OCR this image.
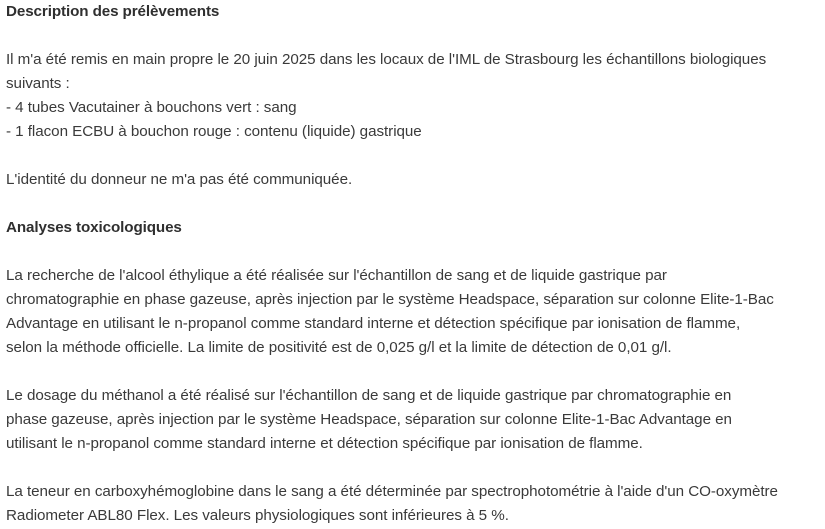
Description des prélèvements

Il m'a été remis en main propre le 20 juin 2025 dans les locaux de l'IML de Strasbourg les échantillons biologiques
suivants :
- 4 tubes Vacutainer à bouchons vert : sang
- 1 flacon ECBU à bouchon rouge : contenu (liquide) gastrique

L'identité du donneur ne m'a pas été communiquée.

Analyses toxicologiques

La recherche de l'alcool éthylique a été réalisée sur l'échantillon de sang et de liquide gastrique par
chromatographie en phase gazeuse, après injection par le système Headspace, séparation sur colonne Elite-1-Bac
Advantage en utilisant le n-propanol comme standard interne et détection spécifique par ionisation de flamme,
selon la méthode officielle. La limite de positivité est de 0,025 g/l et la limite de détection de 0,01 g/l.

Le dosage du méthanol a été réalisé sur l'échantillon de sang et de liquide gastrique par chromatographie en
phase gazeuse, après injection par le système Headspace, séparation sur colonne Elite-1-Bac Advantage en
utilisant le n-propanol comme standard interne et détection spécifique par ionisation de flamme.

La teneur en carboxyhémoglobine dans le sang a été déterminée par spectrophotométrie à l'aide d'un CO-oxymètre
Radiometer ABL80 Flex. Les valeurs physiologiques sont inférieures à 5 %.
